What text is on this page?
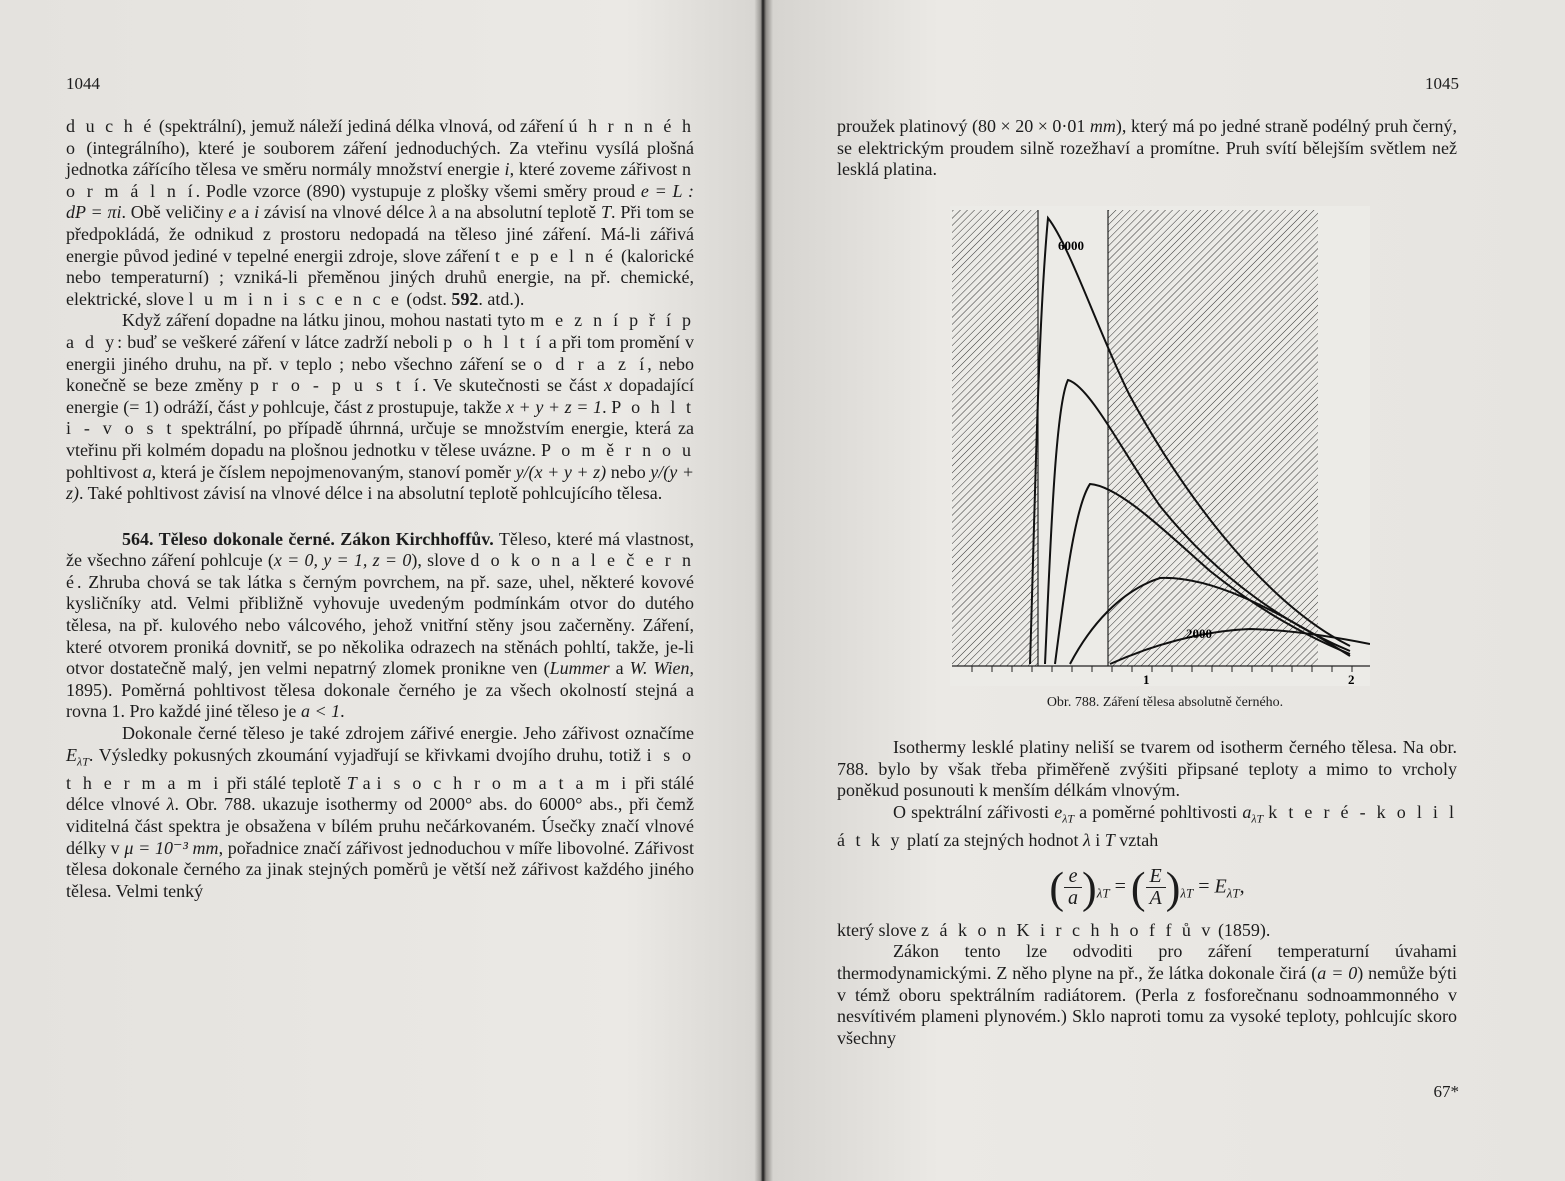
1044

d u c h é (spektrální), jemuž náleží jediná délka vlnová, od záření ú h r n n é h o (integrálního), které je souborem záření jednoduchých. Za vteřinu vysílá plošná jednotka zářícího tělesa ve směru normály množství energie i, které zoveme zářivost n o r m á l n í. Podle vzorce (890) vystupuje z plošky všemi směry proud e = L : dP = πi. Obě veličiny e a i závisí na vlnové délce λ a na absolutní teplotě T. Při tom se předpokládá, že odnikud z prostoru nedopadá na těleso jiné záření. Má-li zářivá energie původ jediné v tepelné energii zdroje, slove záření t e p e l n é (kalorické nebo temperaturní) ; vzniká-li přeměnou jiných druhů energie, na př. chemické, elektrické, slove l u m i n i s c e n c e (odst. 592. atd.).

Když záření dopadne na látku jinou, mohou nastati tyto m e z n í p ř í p a d y: buď se veškeré záření v látce zadrží neboli p o h l t í a při tom promění v energii jiného druhu, na př. v teplo ; nebo všechno záření se o d r a z í, nebo konečně se beze změny p r o - p u s t í. Ve skutečnosti se část x dopadající energie (= 1) odráží, část y pohlcuje, část z prostupuje, takže x + y + z = 1. P o h l t i - v o s t spektrální, po případě úhrnná, určuje se množstvím energie, která za vteřinu při kolmém dopadu na plošnou jednotku v tělese uvázne. P o m ě r n o u pohltivost a, která je číslem nepojmenovaným, stanoví poměr y/(x + y + z) nebo y/(y + z). Také pohltivost závisí na vlnové délce i na absolutní teplotě pohlcujícího tělesa.

564. Těleso dokonale černé. Zákon Kirchhoffův. Těleso, které má vlastnost, že všechno záření pohlcuje (x = 0, y = 1, z = 0), slove d o k o n a l e č e r n é. Zhruba chová se tak látka s černým povrchem, na př. saze, uhel, některé kovové kysličníky atd. Velmi přibližně vyhovuje uvedeným podmínkám otvor do dutého tělesa, na př. kulového nebo válcového, jehož vnitřní stěny jsou začerněny. Záření, které otvorem proniká dovnitř, se po několika odrazech na stěnách pohltí, takže, je-li otvor dostatečně malý, jen velmi nepatrný zlomek pronikne ven (Lummer a W. Wien, 1895). Poměrná pohltivost tělesa dokonale černého je za všech okolností stejná a rovna 1. Pro každé jiné těleso je a < 1.

Dokonale černé těleso je také zdrojem zářivé energie. Jeho zářivost označíme $E_{\lambda T}$. Výsledky pokusných zkoumání vyjadřují se křivkami dvojího druhu, totiž i s o t h e r m a m i při stálé teplotě T a i s o c h r o m a t a m i při stálé délce vlnové λ. Obr. 788. ukazuje isothermy od 2000° abs. do 6000° abs., při čemž viditelná část spektra je obsažena v bílém pruhu nečárkovaném. Úsečky značí vlnové délky v μ = 10⁻³ mm, pořadnice značí zářivost jednoduchou v míře libovolné. Zářivost tělesa dokonale černého za jinak stejných poměrů je větší než zářivost každého jiného tělesa. Velmi tenký

1045

proužek platinový (80 × 20 × 0·01 mm), který má po jedné straně podélný pruh černý, se elektrickým proudem silně rozežhaví a promítne. Pruh svítí bělejším světlem než lesklá platina.

6000
2000
1	2
Obr. 788. Záření tělesa absolutně černého.

Isothermy lesklé platiny neliší se tvarem od isotherm černého tělesa. Na obr. 788. bylo by však třeba přiměřeně zvýšiti připsané teploty a mimo to vrcholy poněkud posunouti k menším délkám vlnovým.

O spektrální zářivosti $e_{\lambda T}$ a poměrné pohltivosti $a_{\lambda T}$ k t e r é - k o l i l á t k y platí za stejných hodnot λ i T vztah

( $\frac{e}{a} )_{\lambda T}$ = ( $\frac{E}{A} )_{\lambda T} = E_{\lambda T}$,

který slove z á k o n K i r c h h o f f ů v (1859).

Zákon tento lze odvoditi pro záření temperaturní úvahami thermodynamickými. Z něho plyne na př., že látka dokonale čirá (a = 0) nemůže býti v témž oboru spektrálním radiátorem. (Perla z fosforečnanu sodnoammonného v nesvítivém plameni plynovém.) Sklo naproti tomu za vysoké teploty, pohlcujíc skoro všechny

67*
